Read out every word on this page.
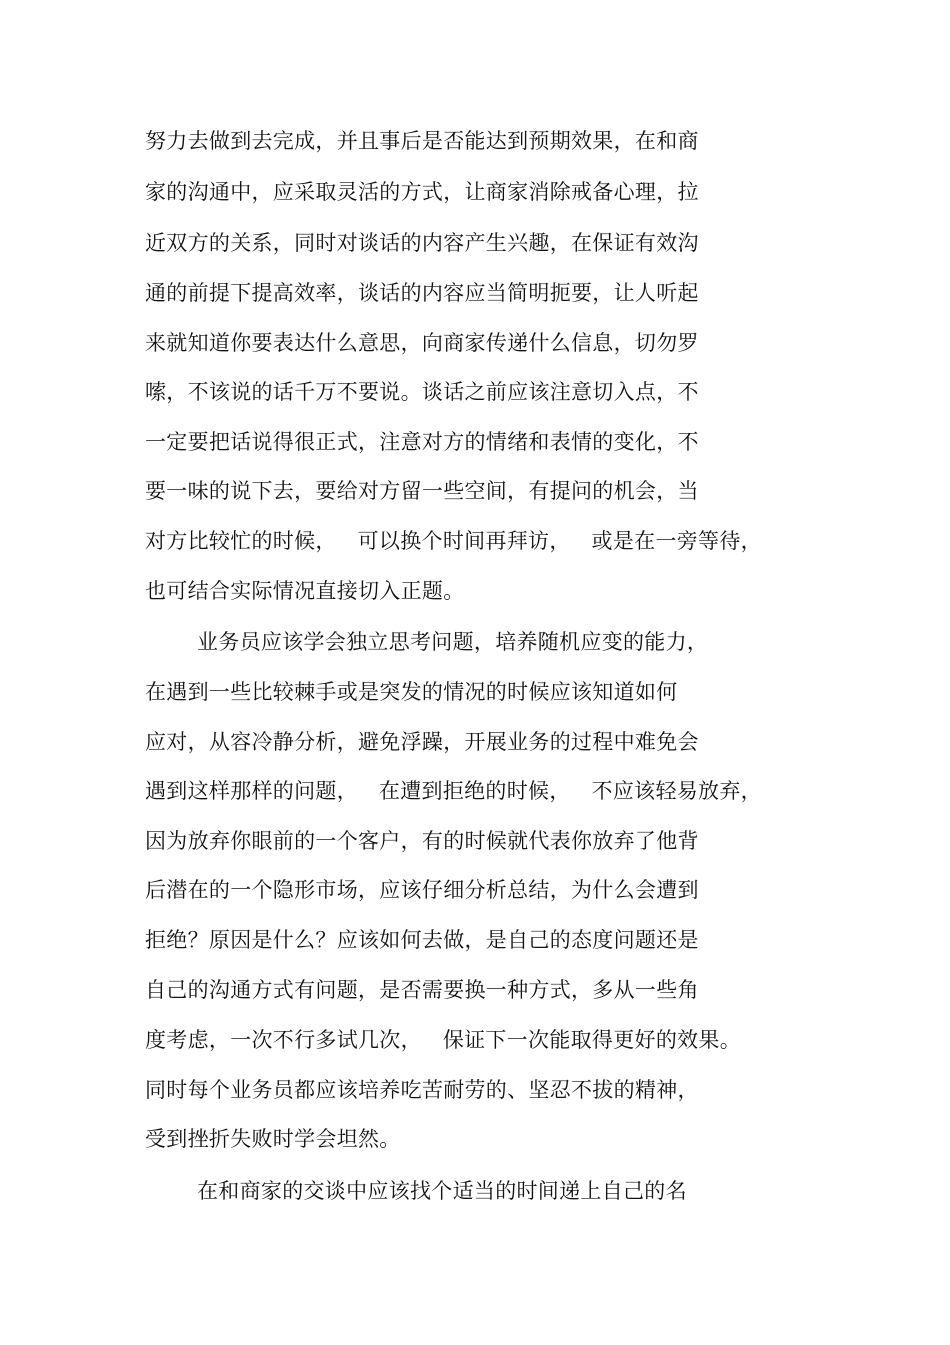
努力去做到去完成，并且事后是否能达到预期效果，在和商
家的沟通中，应采取灵活的方式，让商家消除戒备心理，拉
近双方的关系，同时对谈话的内容产生兴趣，在保证有效沟
通的前提下提高效率，谈话的内容应当简明扼要，让人听起
来就知道你要表达什么意思，向商家传递什么信息，切勿罗
嗦，不该说的话千万不要说。谈话之前应该注意切入点，不
一定要把话说得很正式，注意对方的情绪和表情的变化，不
要一味的说下去，要给对方留一些空间，有提问的机会，当
对方比较忙的时候，   可以换个时间再拜访，   或是在一旁等待，
也可结合实际情况直接切入正题。
业务员应该学会独立思考问题，培养随机应变的能力，
在遇到一些比较棘手或是突发的情况的时候应该知道如何
应对，从容冷静分析，避免浮躁，开展业务的过程中难免会
遇到这样那样的问题，   在遭到拒绝的时候，   不应该轻易放弃，
因为放弃你眼前的一个客户，有的时候就代表你放弃了他背
后潜在的一个隐形市场，应该仔细分析总结，为什么会遭到
拒绝？原因是什么？应该如何去做，是自己的态度问题还是
自己的沟通方式有问题，是否需要换一种方式，多从一些角
度考虑，一次不行多试几次，   保证下一次能取得更好的效果。
同时每个业务员都应该培养吃苦耐劳的、坚忍不拔的精神，
受到挫折失败时学会坦然。
在和商家的交谈中应该找个适当的时间递上自己的名
